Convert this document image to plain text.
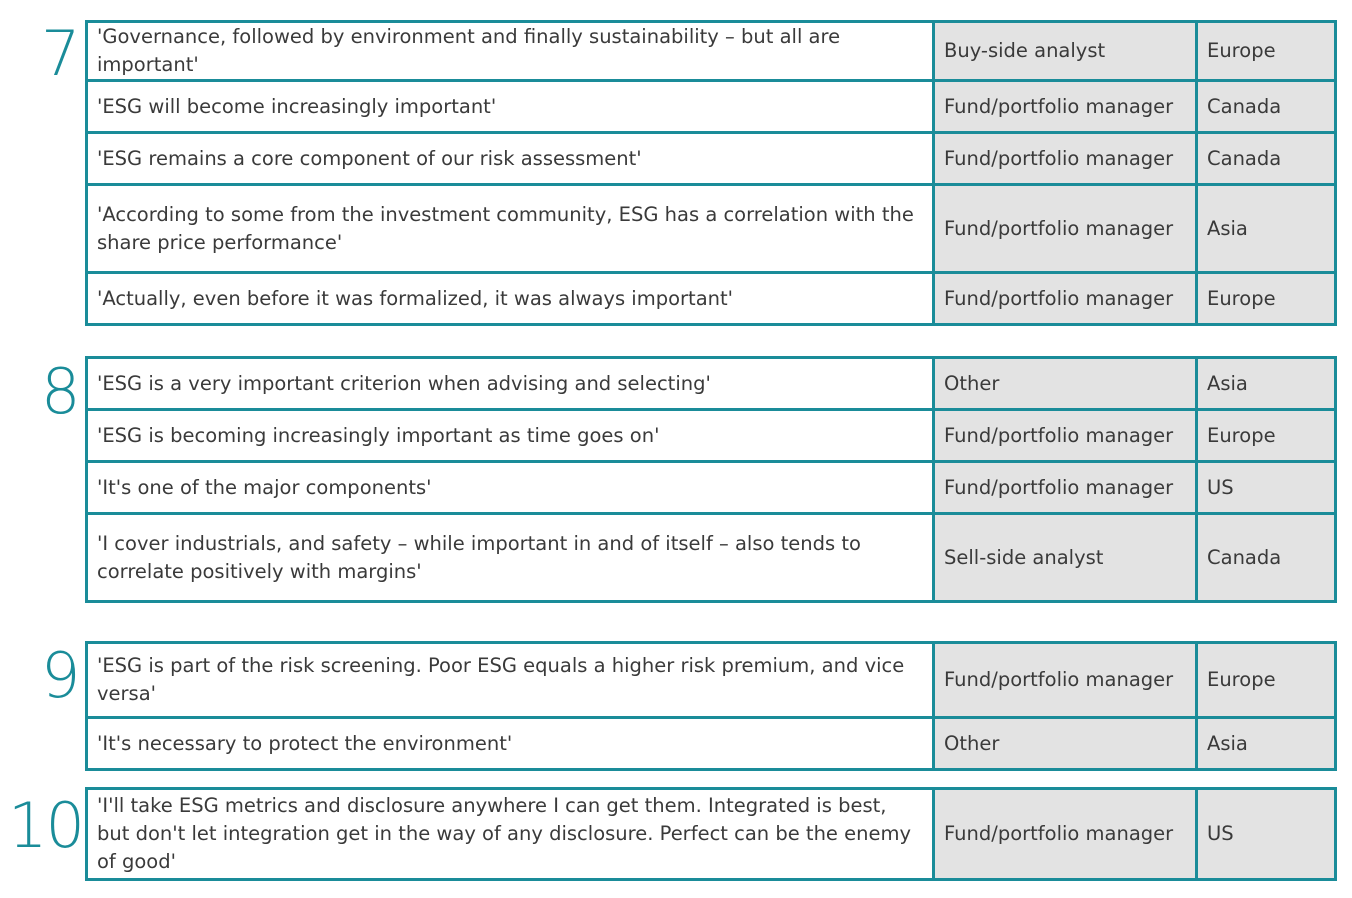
7 'Governance, followed by environment and finally sustainability – but all are important'	Buy-side analyst	Europe
'ESG will become increasingly important'	Fund/portfolio manager	Canada
'ESG remains a core component of our risk assessment'	Fund/portfolio manager	Canada
'According to some from the investment community, ESG has a correlation with the share price performance'	Fund/portfolio manager	Asia
'Actually, even before it was formalized, it was always important'	Fund/portfolio manager	Europe
8 'ESG is a very important criterion when advising and selecting'	Other	Asia
'ESG is becoming increasingly important as time goes on'	Fund/portfolio manager	Europe
'It's one of the major components'	Fund/portfolio manager	US
'I cover industrials, and safety – while important in and of itself – also tends to correlate positively with margins'	Sell-side analyst	Canada
9 'ESG is part of the risk screening. Poor ESG equals a higher risk premium, and vice versa'	Fund/portfolio manager	Europe
'It's necessary to protect the environment'	Other	Asia
10 'I'll take ESG metrics and disclosure anywhere I can get them. Integrated is best, but don't let integration get in the way of any disclosure. Perfect can be the enemy of good'	Fund/portfolio manager	US
